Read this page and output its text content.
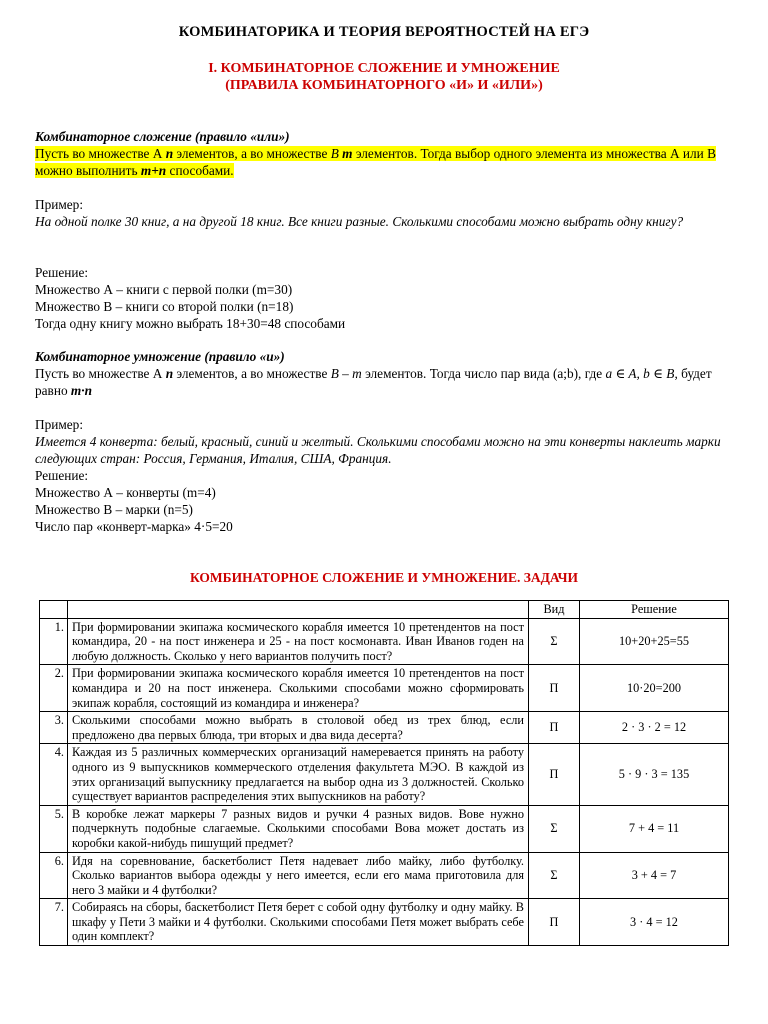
КОМБИНАТОРИКА И ТЕОРИЯ ВЕРОЯТНОСТЕЙ НА ЕГЭ
I. КОМБИНАТОРНОЕ СЛОЖЕНИЕ И УМНОЖЕНИЕ
(ПРАВИЛА КОМБИНАТОРНОГО «И» И «ИЛИ»)
Комбинаторное сложение (правило «или»)
Пусть во множестве А n элементов, а во множестве B m элементов. Тогда выбор одного элемента из множества А или В можно выполнить m+n способами.
Пример:
На одной полке 30 книг, а на другой 18 книг. Все книги разные. Сколькими способами можно выбрать одну книгу?
Решение:
Множество А – книги с первой полки (m=30)
Множество В – книги со второй полки (n=18)
Тогда одну книгу можно выбрать 18+30=48 способами
Комбинаторное умножение (правило «и»)
Пусть во множестве А n элементов, а во множестве B – m элементов. Тогда число пар вида (a;b), где a ∈ A, b ∈ B, будет равно m·n
Пример:
Имеется 4 конверта: белый, красный, синий и желтый. Сколькими способами можно на эти конверты наклеить марки следующих стран: Россия, Германия, Италия, США, Франция.
Решение:
Множество А – конверты (m=4)
Множество В – марки (n=5)
Число пар «конверт-марка» 4·5=20
КОМБИНАТОРНОЕ СЛОЖЕНИЕ И УМНОЖЕНИЕ. ЗАДАЧИ
		Вид	Решение
1.	При формировании экипажа космического корабля имеется 10 претендентов на пост командира, 20 - на пост инженера и 25 - на пост космонавта. Иван Иванов годен на любую должность. Сколько у него вариантов получить пост?	Σ	10+20+25=55
2.	При формировании экипажа космического корабля имеется 10 претендентов на пост командира и 20 на пост инженера. Сколькими способами можно сформировать экипаж корабля, состоящий из командира и инженера?	П	10·20=200
3.	Сколькими способами можно выбрать в столовой обед из трех блюд, если предложено два первых блюда, три вторых и два вида десерта?	П	2 · 3 · 2 = 12
4.	Каждая из 5 различных коммерческих организаций намеревается принять на работу одного из 9 выпускников коммерческого отделения факультета МЭО. В каждой из этих организаций выпускнику предлагается на выбор одна из 3 должностей. Сколько существует вариантов распределения этих выпускников на работу?	П	5 · 9 · 3 = 135
5.	В коробке лежат маркеры 7 разных видов и ручки 4 разных видов. Вове нужно подчеркнуть подобные слагаемые. Сколькими способами Вова может достать из коробки какой-нибудь пишущий предмет?	Σ	7 + 4 = 11
6.	Идя на соревнование, баскетболист Петя надевает либо майку, либо футболку. Сколько вариантов выбора одежды у него имеется, если его мама приготовила для него 3 майки и 4 футболки?	Σ	3 + 4 = 7
7.	Собираясь на сборы, баскетболист Петя берет с собой одну футболку и одну майку. В шкафу у Пети 3 майки и 4 футболки. Сколькими способами Петя может выбрать себе один комплект?	П	3 · 4 = 12
